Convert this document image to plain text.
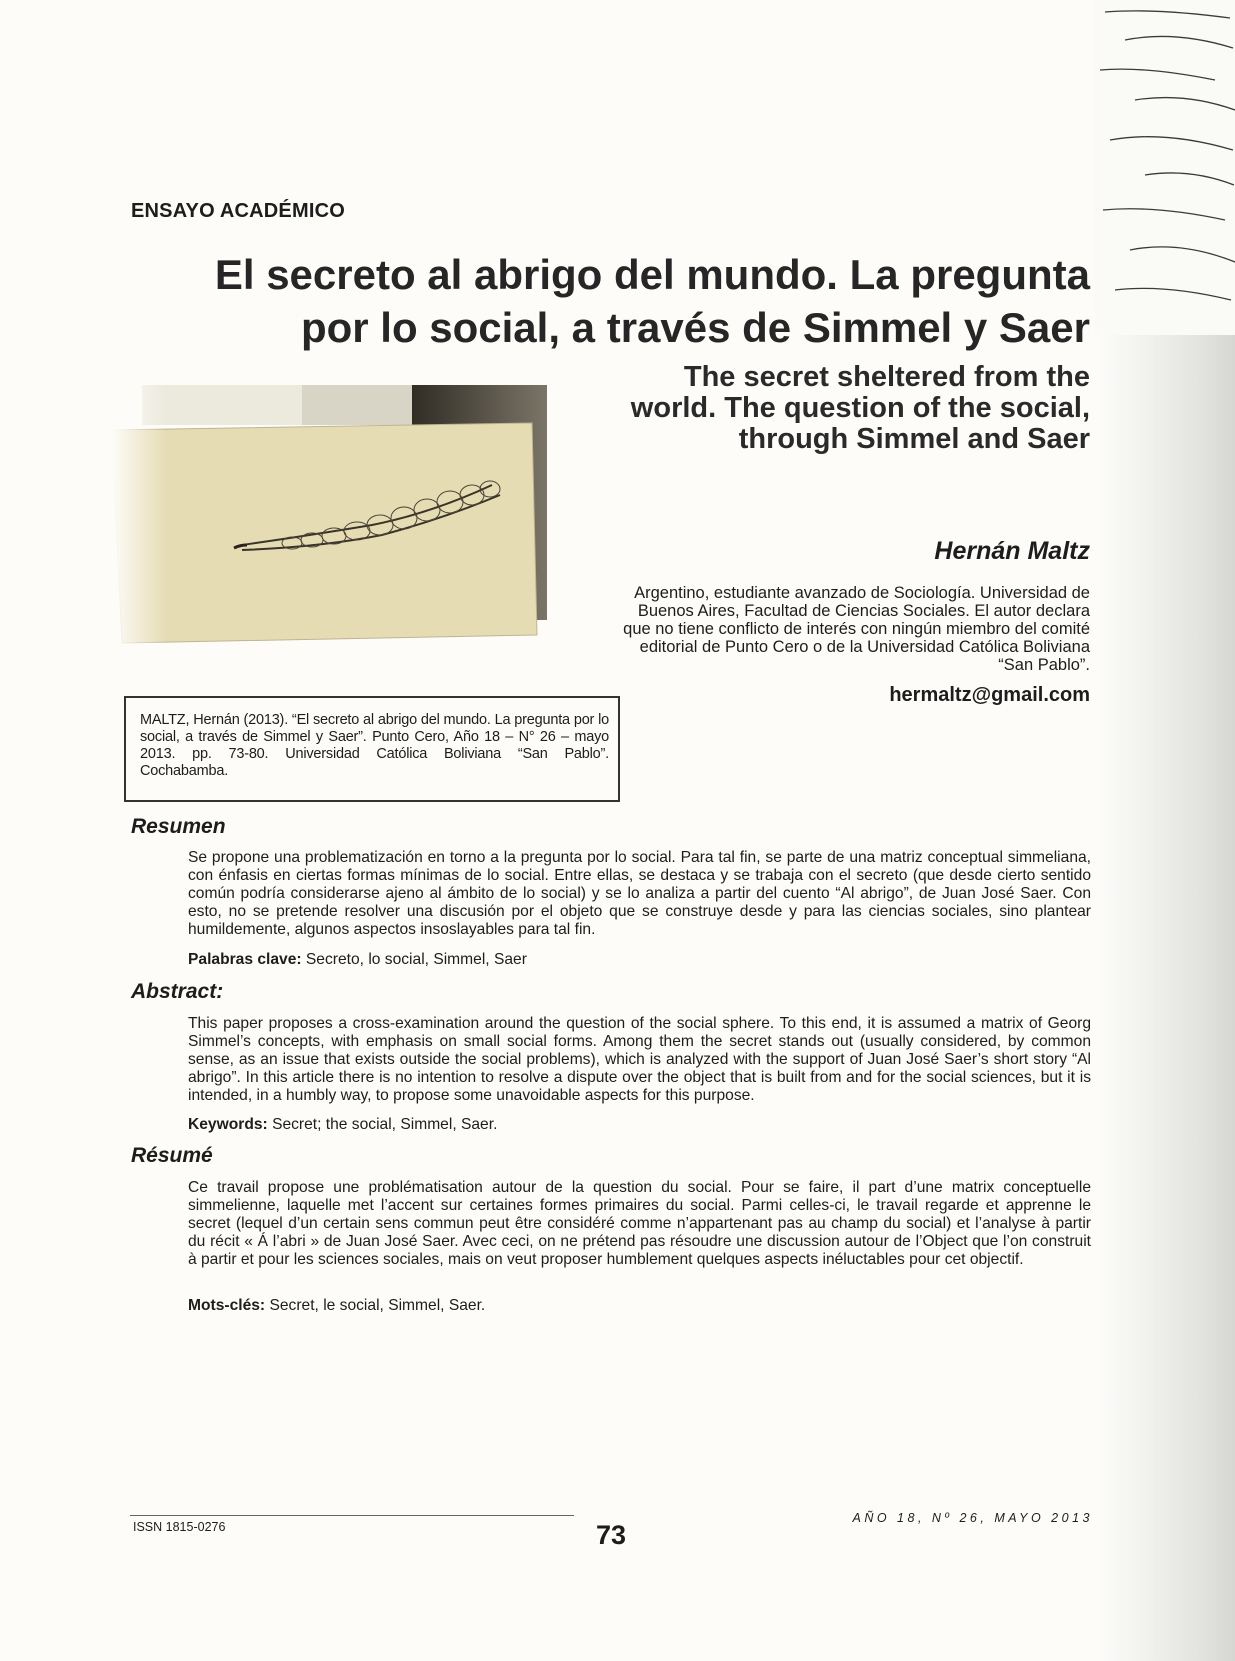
ENSAYO ACADÉMICO
El secreto al abrigo del mundo. La pregunta
por lo social, a través de Simmel y Saer
The secret sheltered from the
world. The question of the social,
through Simmel and Saer
Hernán Maltz
Argentino, estudiante avanzado de Sociología. Universidad de
Buenos Aires, Facultad de Ciencias Sociales. El autor declara
que no tiene conflicto de interés con ningún miembro del comité
editorial de Punto Cero o de la Universidad Católica Boliviana
“San Pablo”.
hermaltz@gmail.com
MALTZ, Hernán (2013). “El secreto al abrigo del mundo. La pregunta por lo social, a través de Simmel y Saer”. Punto Cero, Año 18 – N° 26 – mayo 2013. pp. 73-80. Universidad Católica Boliviana “San Pablo”. Cochabamba.
Resumen
Se propone una problematización en torno a la pregunta por lo social. Para tal fin, se parte de una matriz conceptual simmeliana, con énfasis en ciertas formas mínimas de lo social. Entre ellas, se destaca y se trabaja con el secreto (que desde cierto sentido común podría considerarse ajeno al ámbito de lo social) y se lo analiza a partir del cuento “Al abrigo”, de Juan José Saer. Con esto, no se pretende resolver una discusión por el objeto que se construye desde y para las ciencias sociales, sino plantear humildemente, algunos aspectos insoslayables para tal fin.
Palabras clave: Secreto, lo social, Simmel, Saer
Abstract:
This paper proposes a cross-examination around the question of the social sphere. To this end, it is assumed a matrix of Georg Simmel’s concepts, with emphasis on small social forms. Among them the secret stands out (usually considered, by common sense, as an issue that exists outside the social problems), which is analyzed with the support of Juan José Saer’s short story “Al abrigo”. In this article there is no intention to resolve a dispute over the object that is built from and for the social sciences, but it is intended, in a humbly way, to propose some unavoidable aspects for this purpose.
Keywords: Secret; the social, Simmel, Saer.
Résumé
Ce travail propose une problématisation autour de la question du social. Pour se faire, il part d’une matrix conceptuelle simmelienne, laquelle met l’accent sur certaines formes primaires du social. Parmi celles-ci, le travail regarde et apprenne le secret (lequel d’un certain sens commun peut être considéré comme n’appartenant pas au champ du social) et l’analyse à partir du récit « Á l’abri » de Juan José Saer. Avec ceci, on ne prétend pas résoudre une discussion autour de l’Object que l’on construit à partir et pour les sciences sociales, mais on veut proposer humblement quelques aspects inéluctables pour cet objectif.
Mots-clés: Secret, le social, Simmel, Saer.
ISSN 1815-0276	73
AÑO 18, Nº 26, MAYO 2013
